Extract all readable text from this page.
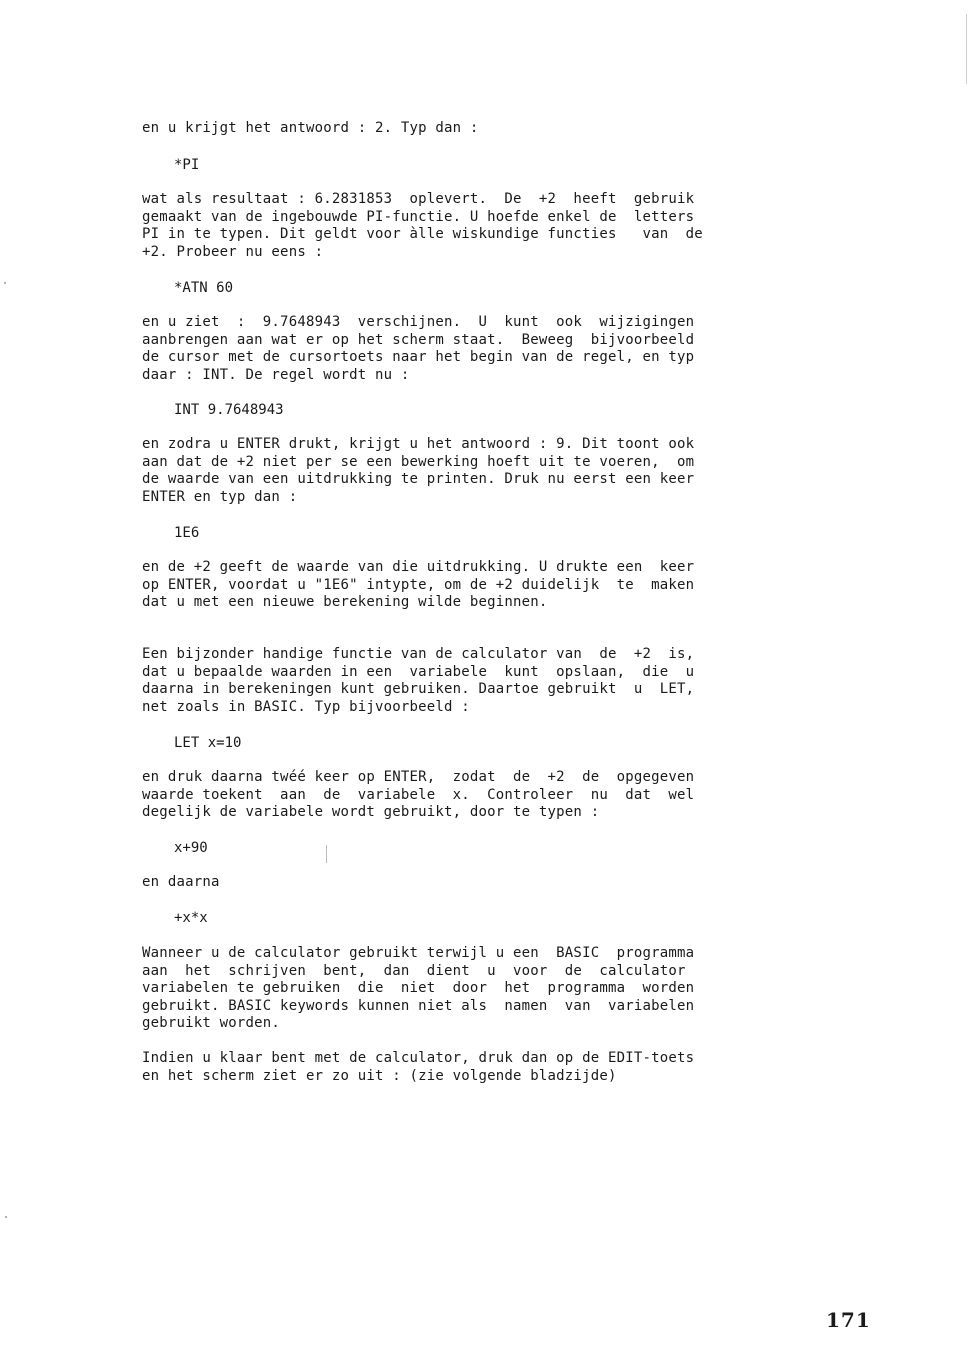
en u krijgt het antwoord : 2. Typ dan :
*PI
wat als resultaat : 6.2831853  oplevert.  De  +2  heeft  gebruik
gemaakt van de ingebouwde PI-functie. U hoefde enkel de  letters
PI in te typen. Dit geldt voor àlle wiskundige functies   van  de
+2. Probeer nu eens :
*ATN 60
en u ziet  :  9.7648943  verschijnen.  U  kunt  ook  wijzigingen
aanbrengen aan wat er op het scherm staat.  Beweeg  bijvoorbeeld
de cursor met de cursortoets naar het begin van de regel, en typ
daar : INT. De regel wordt nu :
INT 9.7648943
en zodra u ENTER drukt, krijgt u het antwoord : 9. Dit toont ook
aan dat de +2 niet per se een bewerking hoeft uit te voeren,  om
de waarde van een uitdrukking te printen. Druk nu eerst een keer
ENTER en typ dan :
1E6
en de +2 geeft de waarde van die uitdrukking. U drukte een  keer
op ENTER, voordat u "1E6" intypte, om de +2 duidelijk  te  maken
dat u met een nieuwe berekening wilde beginnen.
Een bijzonder handige functie van de calculator van  de  +2  is,
dat u bepaalde waarden in een  variabele  kunt  opslaan,  die  u
daarna in berekeningen kunt gebruiken. Daartoe gebruikt  u  LET,
net zoals in BASIC. Typ bijvoorbeeld :
LET x=10
en druk daarna twéé keer op ENTER,  zodat  de  +2  de  opgegeven
waarde toekent  aan  de  variabele  x.  Controleer  nu  dat  wel
degelijk de variabele wordt gebruikt, door te typen :
x+90
en daarna
+x*x
Wanneer u de calculator gebruikt terwijl u een  BASIC  programma
aan  het  schrijven  bent,  dan  dient  u  voor  de  calculator
variabelen te gebruiken  die  niet  door  het  programma  worden
gebruikt. BASIC keywords kunnen niet als  namen  van  variabelen
gebruikt worden.
Indien u klaar bent met de calculator, druk dan op de EDIT-toets
en het scherm ziet er zo uit : (zie volgende bladzijde)
171
